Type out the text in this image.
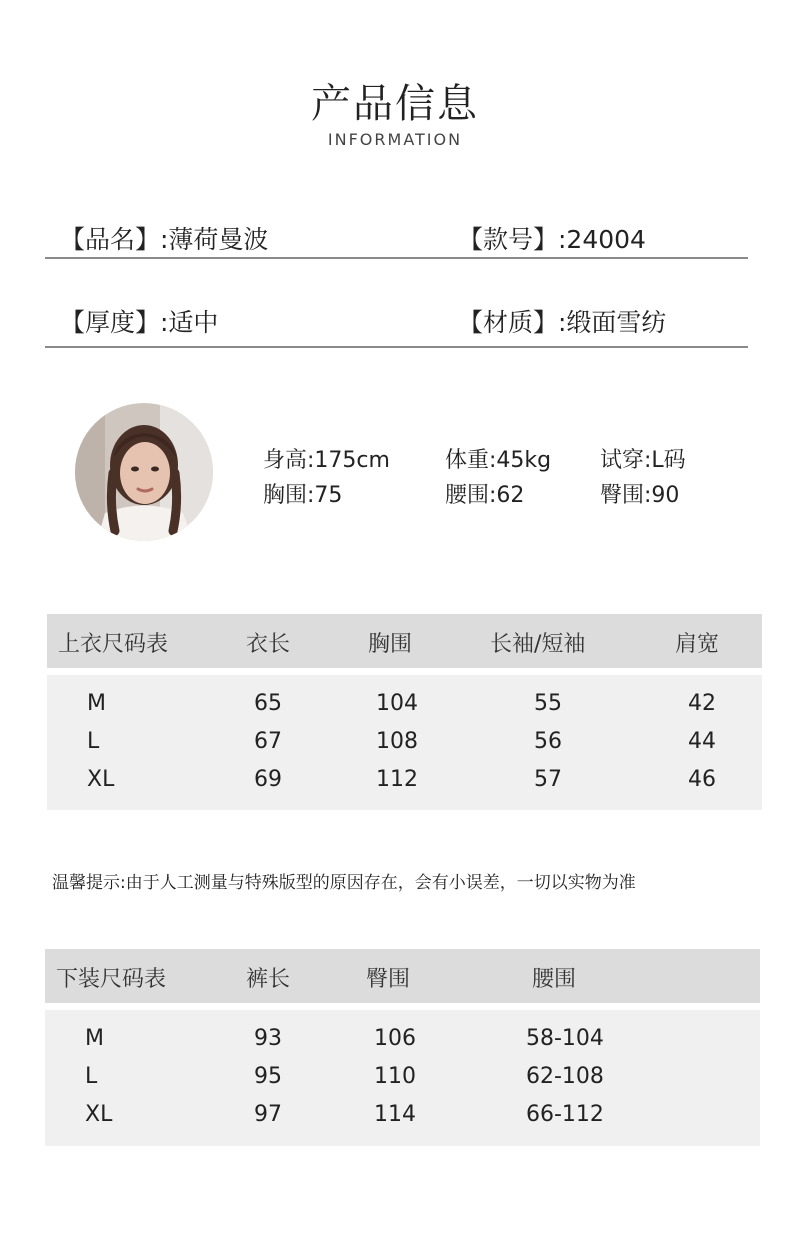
产品信息
INFORMATION
【品名】:薄荷曼波	【款号】:24004
【厚度】:适中	【材质】:缎面雪纺
身高:175cm	体重:45kg 试穿:L码
胸围:75	腰围:62	臀围:90
上衣尺码表	衣长	胸围	长袖/短袖	肩宽
M	65	104	55	42
L	67	108	56	44
XL	69	112	57	46
温馨提示:由于人工测量与特殊版型的原因存在，会有小误差，一切以实物为准
下装尺码表	裤长	臀围	腰围
M	93	106	58-104
L	95	110	62-108
XL	97	114	66-112
